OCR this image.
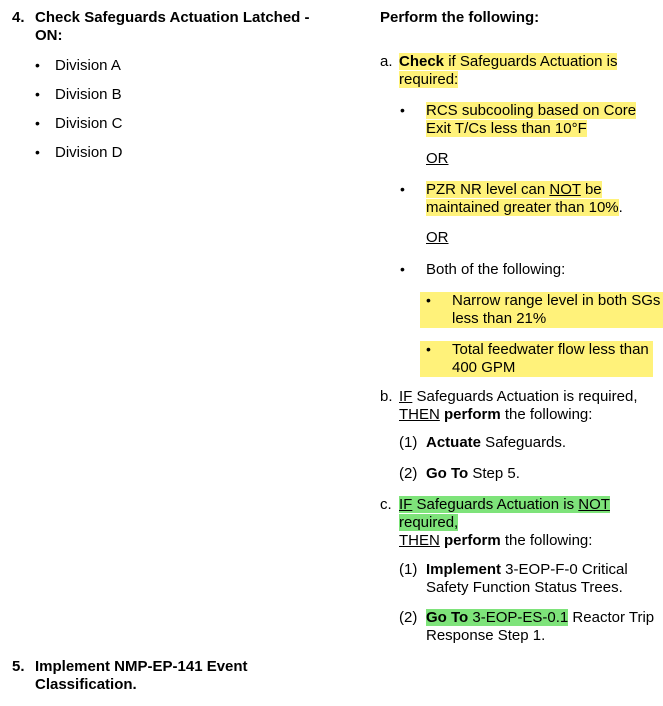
4. Check Safeguards Actuation Latched -
ON:
• Division A
• Division B
• Division C
• Division D
5. Implement NMP-EP-141 Event
Classification.
Perform the following:
a. Check if Safeguards Actuation is
required:
• RCS subcooling based on Core
Exit T/Cs less than 10°F
OR
• PZR NR level can NOT be
maintained greater than 10%.
OR
• Both of the following:
• Narrow range level in both SGs
less than 21%
• Total feedwater flow less than
400 GPM
b. IF Safeguards Actuation is required,
THEN perform the following:
(1) Actuate Safeguards.
(2) Go To Step 5.
c. IF Safeguards Actuation is NOT
required,
THEN perform the following:
(1) Implement 3-EOP-F-0 Critical
Safety Function Status Trees.
(2) Go To 3-EOP-ES-0.1 Reactor Trip
Response Step 1.
